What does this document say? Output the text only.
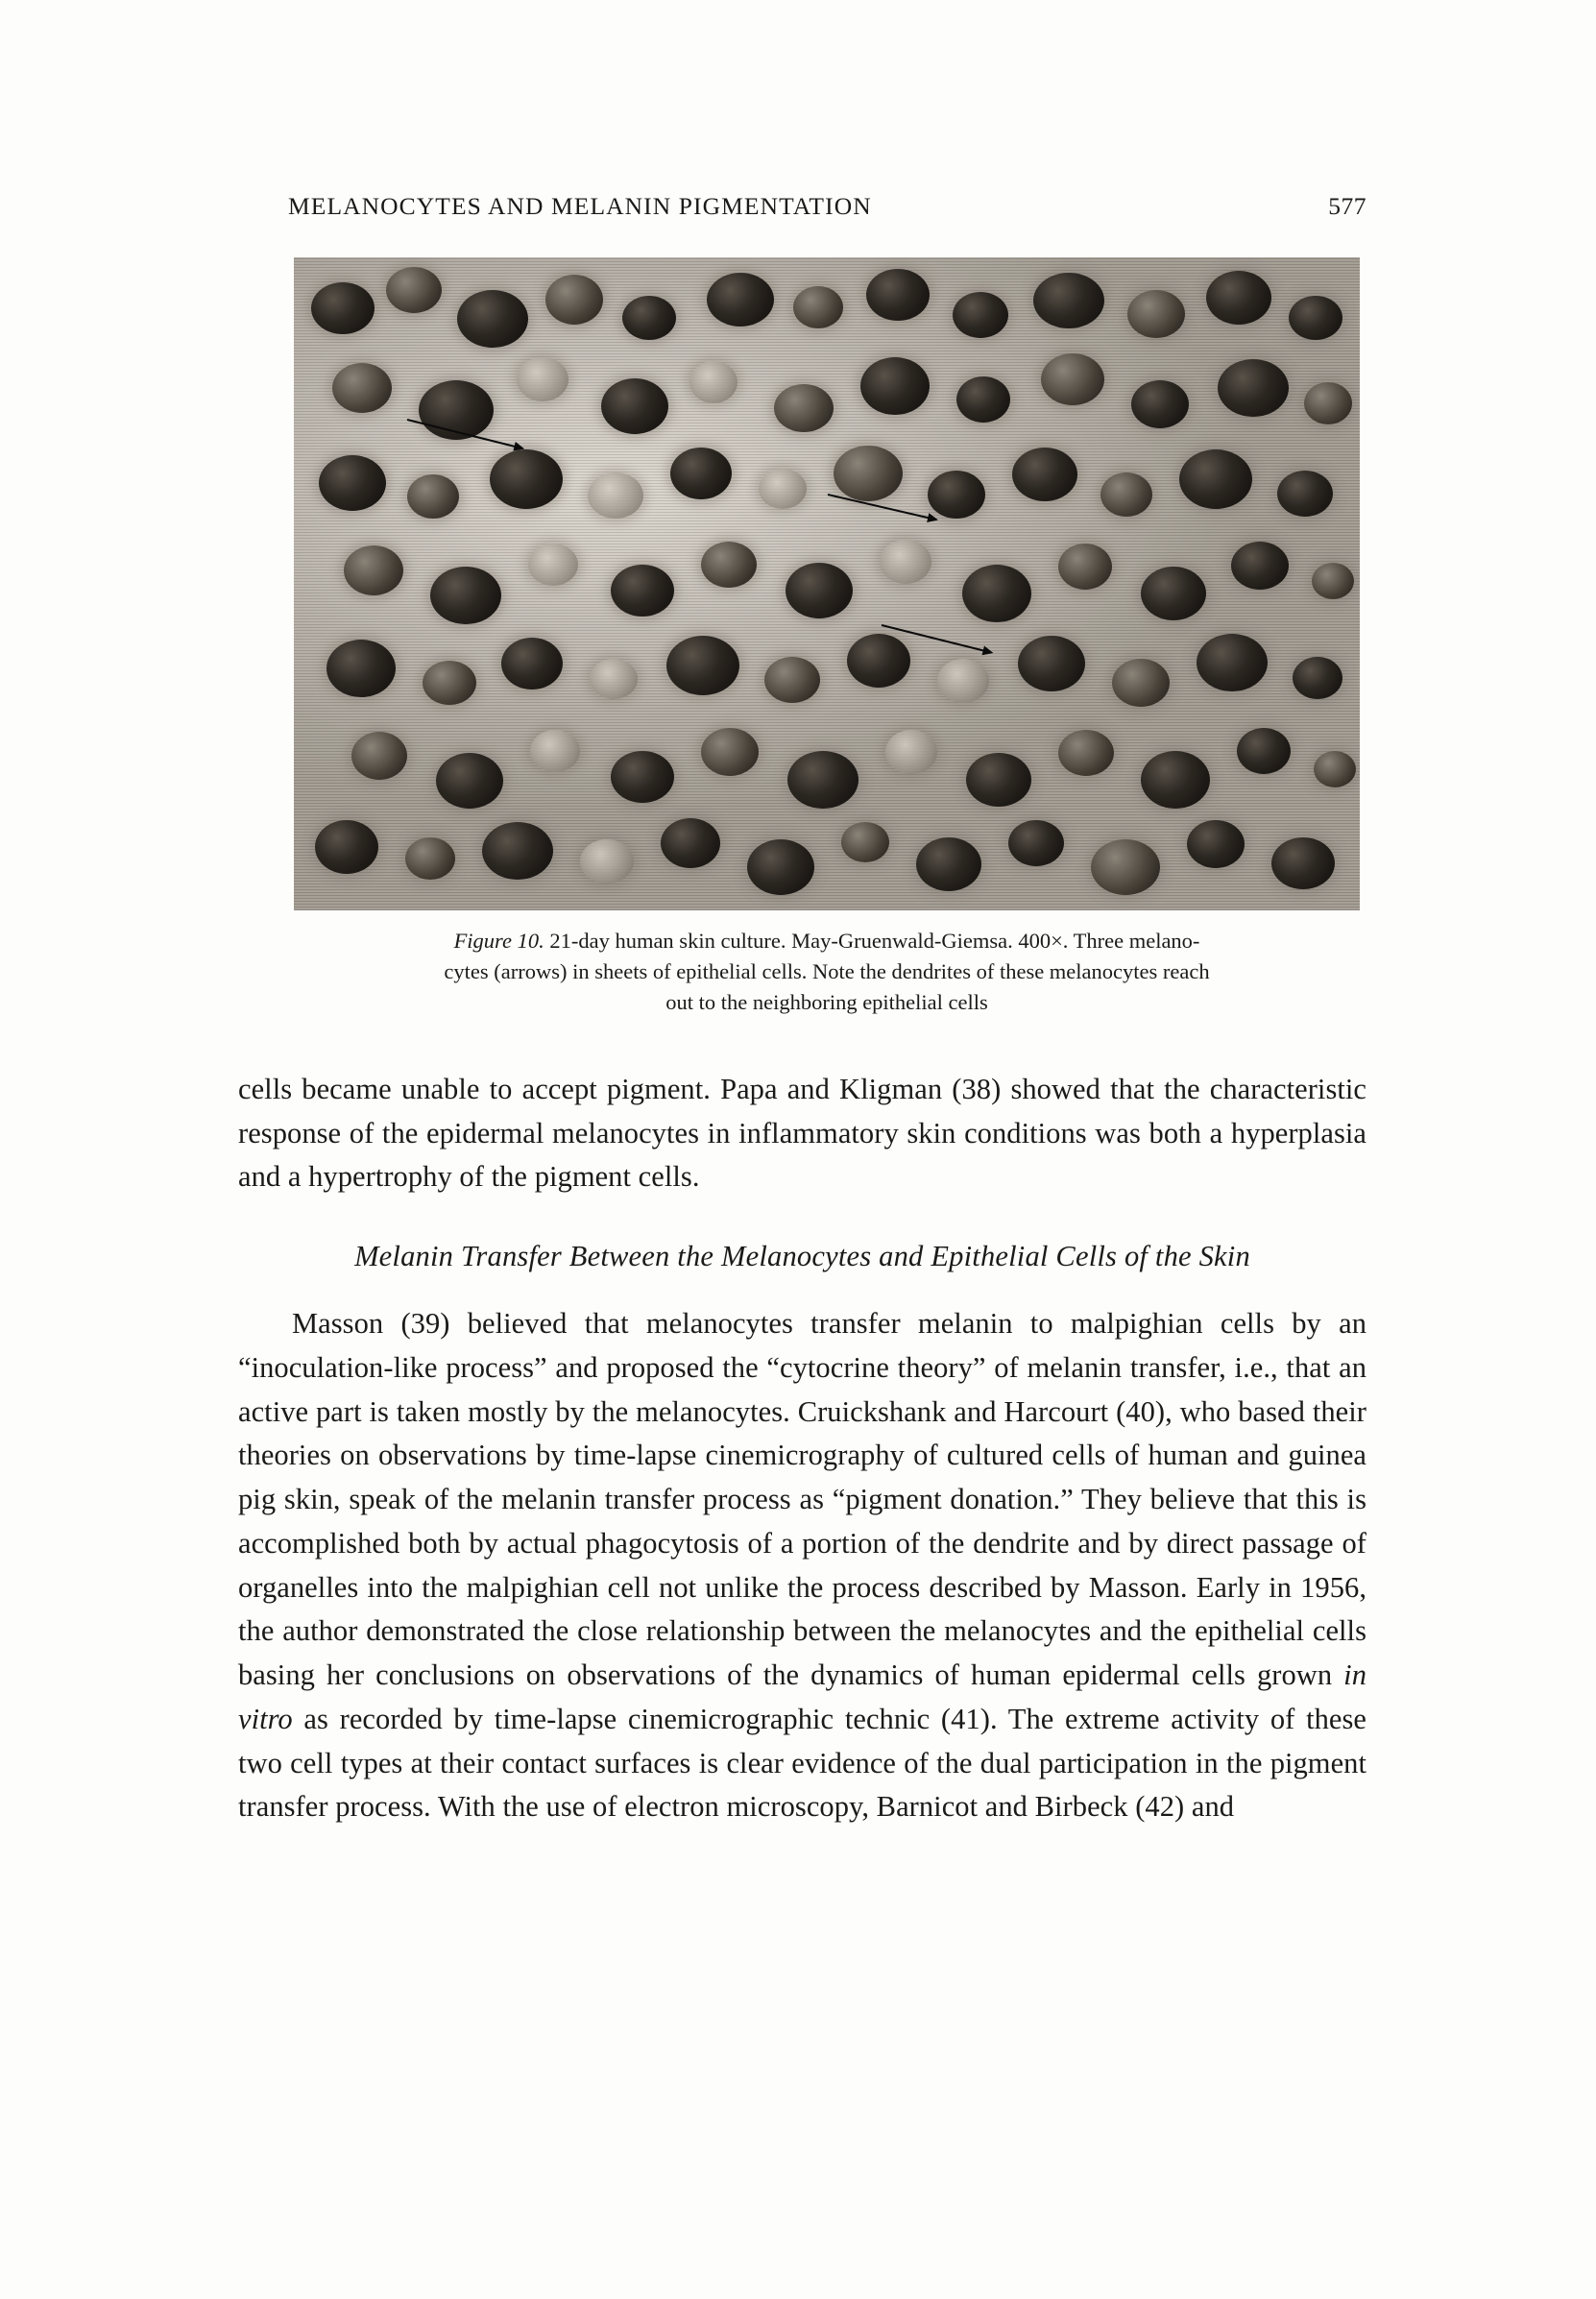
MELANOCYTES AND MELANIN PIGMENTATION	577
Figure 10. 21-day human skin culture. May-Gruenwald-Giemsa. 400×. Three melano-
cytes (arrows) in sheets of epithelial cells. Note the dendrites of these melanocytes reach
out to the neighboring epithelial cells

cells became unable to accept pigment. Papa and Kligman (38) showed that the characteristic response of the epidermal melanocytes in inflammatory skin conditions was both a hyperplasia and a hypertrophy of the pigment cells.

Melanin Transfer Between the Melanocytes and Epithelial Cells of the Skin

Masson (39) believed that melanocytes transfer melanin to malpighian cells by an “inoculation-like process” and proposed the “cytocrine theory” of melanin transfer, i.e., that an active part is taken mostly by the melanocytes. Cruickshank and Harcourt (40), who based their theories on observations by time-lapse cinemicrography of cultured cells of human and guinea pig skin, speak of the melanin transfer process as “pigment donation.” They believe that this is accomplished both by actual phagocytosis of a portion of the dendrite and by direct passage of organelles into the malpighian cell not unlike the process described by Masson. Early in 1956, the author demonstrated the close relationship between the melanocytes and the epithelial cells basing her conclusions on observations of the dynamics of human epidermal cells grown in vitro as recorded by time-lapse cinemicrographic technic (41). The extreme activity of these two cell types at their contact surfaces is clear evidence of the dual participation in the pigment transfer process. With the use of electron microscopy, Barnicot and Birbeck (42) and
